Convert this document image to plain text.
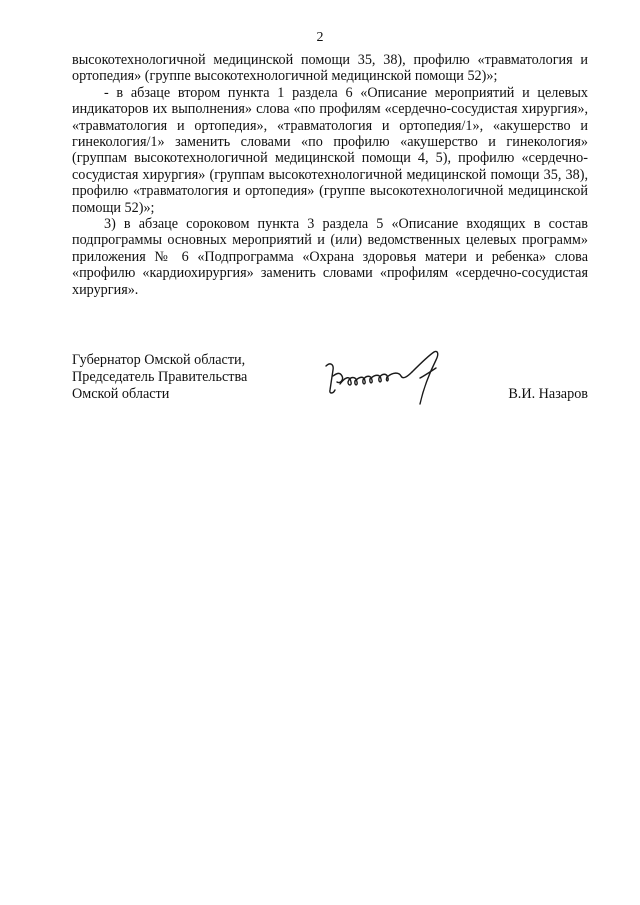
2

высокотехнологичной медицинской помощи 35, 38), профилю «травматология и ортопедия» (группе высокотехнологичной медицинской помощи 52)»;

- в абзаце втором пункта 1 раздела 6 «Описание мероприятий и целевых индикаторов их выполнения» слова «по профилям «сердечно-сосудистая хирургия», «травматология и ортопедия», «травматология и ортопедия/1», «акушерство и гинекология/1» заменить словами «по профилю «акушерство и гинекология» (группам высокотехнологичной медицинской помощи 4, 5), профилю «сердечно-сосудистая хирургия» (группам высокотехнологичной медицинской помощи 35, 38), профилю «травматология и ортопедия» (группе высокотехнологичной медицинской помощи 52)»;

3) в абзаце сороковом пункта 3 раздела 5 «Описание входящих в состав подпрограммы основных мероприятий и (или) ведомственных целевых программ» приложения № 6 «Подпрограмма «Охрана здоровья матери и ребенка» слова «профилю «кардиохирургия» заменить словами «профилям «сердечно-сосудистая хирургия».

Губернатор Омской области,
Председатель Правительства
Омской области	В.И. Назаров
